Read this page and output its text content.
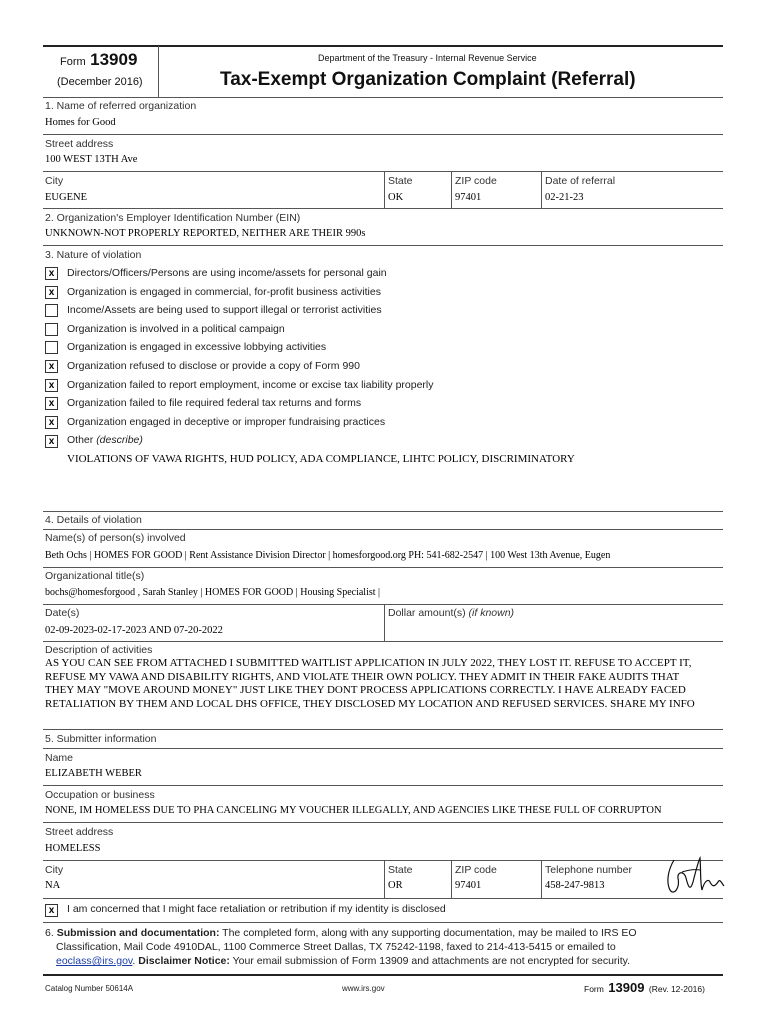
Form 13909
(December 2016)
Department of the Treasury - Internal Revenue Service
Tax-Exempt Organization Complaint (Referral)
1. Name of referred organization
Homes for Good
Street address
100 WEST 13TH Ave
City
EUGENE
State
OK
ZIP code
97401
Date of referral
02-21-23
2. Organization's Employer Identification Number (EIN)
UNKNOWN-NOT PROPERLY REPORTED, NEITHER ARE THEIR 990s
3. Nature of violation
x	Directors/Officers/Persons are using income/assets for personal gain
x	Organization is engaged in commercial, for-profit business activities
Income/Assets are being used to support illegal or terrorist activities
Organization is involved in a political campaign
Organization is engaged in excessive lobbying activities
x	Organization refused to disclose or provide a copy of Form 990
x	Organization failed to report employment, income or excise tax liability properly
x	Organization failed to file required federal tax returns and forms
x	Organization engaged in deceptive or improper fundraising practices
x	Other (describe)
VIOLATIONS OF VAWA RIGHTS, HUD POLICY, ADA COMPLIANCE, LIHTC POLICY, DISCRIMINATORY
4. Details of violation
Name(s) of person(s) involved
Beth Ochs | HOMES FOR GOOD | Rent Assistance Division Director | homesforgood.org PH: 541-682-2547 | 100 West 13th Avenue, Eugen
Organizational title(s)
bochs@homesforgood , Sarah Stanley | HOMES FOR GOOD | Housing Specialist |
Date(s)
02-09-2023-02-17-2023 AND 07-20-2022
Dollar amount(s) (if known)
Description of activities
AS YOU CAN SEE FROM ATTACHED I SUBMITTED WAITLIST APPLICATION IN JULY 2022, THEY LOST IT. REFUSE TO ACCEPT IT,
REFUSE MY VAWA AND DISABILITY RIGHTS, AND VIOLATE THEIR OWN POLICY. THEY ADMIT IN THEIR FAKE AUDITS THAT
THEY MAY "MOVE AROUND MONEY" JUST LIKE THEY DONT PROCESS APPLICATIONS CORRECTLY. I HAVE ALREADY FACED
RETALIATION BY THEM AND LOCAL DHS OFFICE, THEY DISCLOSED MY LOCATION AND REFUSED SERVICES. SHARE MY INFO
5. Submitter information
Name
ELIZABETH WEBER
Occupation or business
NONE, IM HOMELESS DUE TO PHA CANCELING MY VOUCHER ILLEGALLY, AND AGENCIES LIKE THESE FULL OF CORRUPTON
Street address
HOMELESS
City
NA
State
OR
ZIP code
97401
Telephone number
458-247-9813
x	I am concerned that I might face retaliation or retribution if my identity is disclosed
6. Submission and documentation: The completed form, along with any supporting documentation, may be mailed to IRS EO
Classification, Mail Code 4910DAL, 1100 Commerce Street Dallas, TX 75242-1198, faxed to 214-413-5415 or emailed to
eoclass@irs.gov. Disclaimer Notice: Your email submission of Form 13909 and attachments are not encrypted for security.
Catalog Number 50614A	www.irs.gov	Form 13909 (Rev. 12-2016)
